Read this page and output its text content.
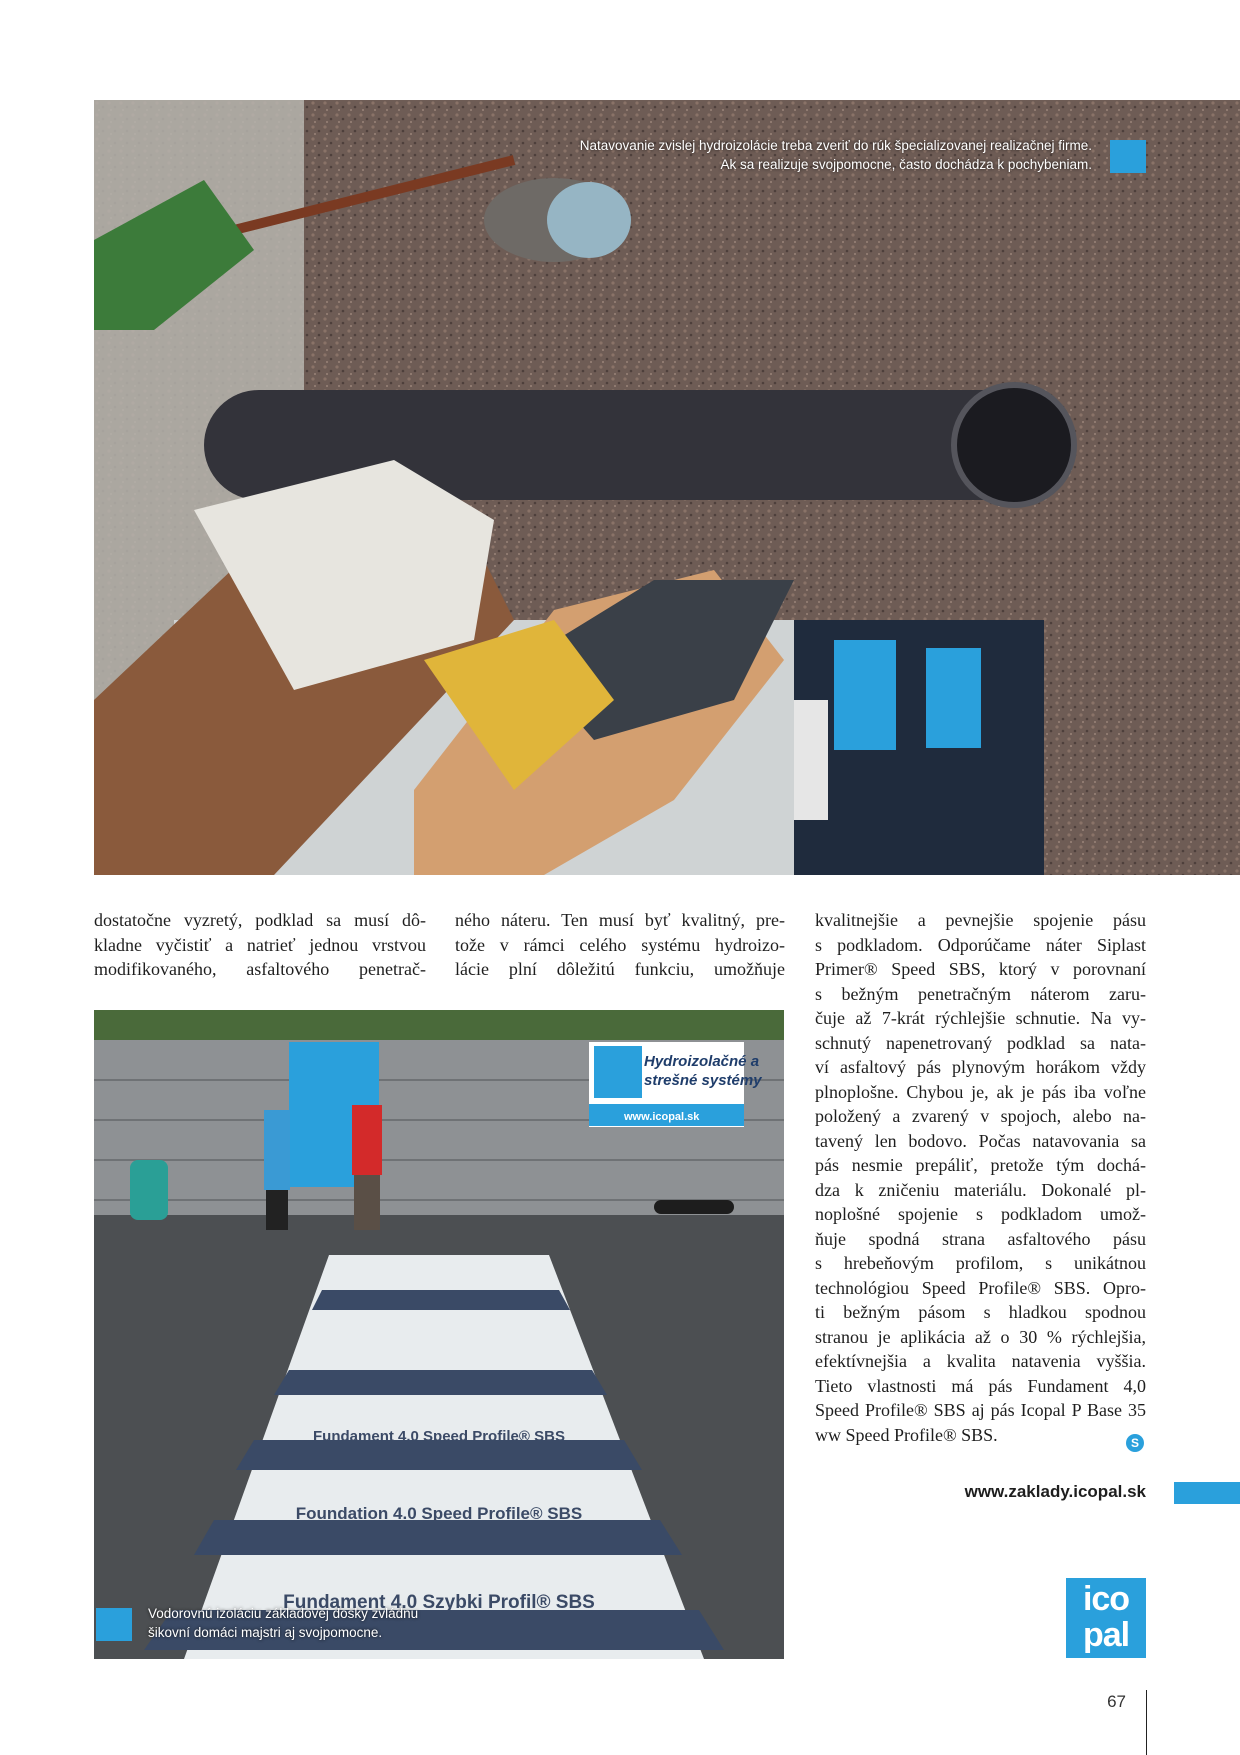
Natavovanie zvislej hydroizolácie treba zveriť do rúk špecializovanej realizačnej firme.
Ak sa realizuje svojpomocne, často dochádza k pochybeniam.
dostatočne vyzretý, podklad sa musí dô-
kladne vyčistiť a natrieť jednou vrstvou
modifikovaného, asfaltového penetrač-
ného náteru. Ten musí byť kvalitný, pre-
tože v rámci celého systému hydroizo-
lácie plní dôležitú funkciu, umožňuje
kvalitnejšie a pevnejšie spojenie pásu
s podkladom. Odporúčame náter Siplast
Primer® Speed SBS, ktorý v porovnaní
s bežným penetračným náterom zaru-
čuje až 7-krát rýchlejšie schnutie. Na vy-
schnutý napenetrovaný podklad sa nata-
ví asfaltový pás plynovým horákom vždy
plnoplošne. Chybou je, ak je pás iba voľne
položený a zvarený v spojoch, alebo na-
tavený len bodovo. Počas natavovania sa
pás nesmie prepáliť, pretože tým dochá-
dza k zničeniu materiálu. Dokonalé pl-
noplošné spojenie s podkladom umož-
ňuje spodná strana asfaltového pásu
s hrebeňovým profilom, s unikátnou
technológiou Speed Profile® SBS. Opro-
ti bežným pásom s hladkou spodnou
stranou je aplikácia až o 30 % rýchlejšia,
efektívnejšia a kvalita natavenia vyššia.
Tieto vlastnosti má pás Fundament 4,0
Speed Profile® SBS aj pás Icopal P Base 35
ww Speed Profile® SBS.	S
Hydroizolačné a
strešné systémy
www.icopal.sk
Fundament 4.0 Speed Profile® SBS
Foundation 4.0 Speed Profile® SBS
Fundament 4.0 Szybki Profil® SBS
Vodorovnú izoláciu základovej dosky zvládnu
šikovní domáci majstri aj svojpomocne.
www.zaklady.icopal.sk
ico
pal
67
